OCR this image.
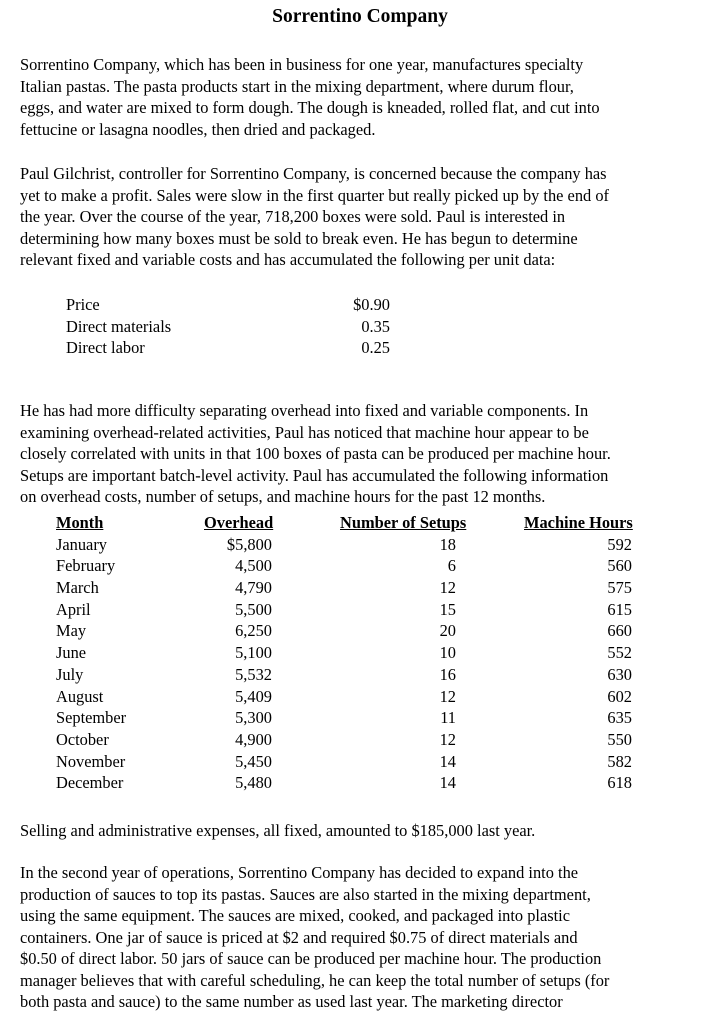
Sorrentino Company
Sorrentino Company, which has been in business for one year, manufactures specialty
Italian pastas. The pasta products start in the mixing department, where durum flour,
eggs, and water are mixed to form dough. The dough is kneaded, rolled flat, and cut into
fettucine or lasagna noodles, then dried and packaged.
Paul Gilchrist, controller for Sorrentino Company, is concerned because the company has
yet to make a profit. Sales were slow in the first quarter but really picked up by the end of
the year. Over the course of the year, 718,200 boxes were sold. Paul is interested in
determining how many boxes must be sold to break even. He has begun to determine
relevant fixed and variable costs and has accumulated the following per unit data:
Price	$0.90
Direct materials	0.35
Direct labor	0.25
He has had more difficulty separating overhead into fixed and variable components. In
examining overhead-related activities, Paul has noticed that machine hour appear to be
closely correlated with units in that 100 boxes of pasta can be produced per machine hour.
Setups are important batch-level activity. Paul has accumulated the following information
on overhead costs, number of setups, and machine hours for the past 12 months.
Month	Overhead	Number of Setups	Machine Hours
January	$5,800	18	592
February	4,500	6	560
March	4,790	12	575
April	5,500	15	615
May	6,250	20	660
June	5,100	10	552
July	5,532	16	630
August	5,409	12	602
September	5,300	11	635
October	4,900	12	550
November	5,450	14	582
December	5,480	14	618
Selling and administrative expenses, all fixed, amounted to $185,000 last year.
In the second year of operations, Sorrentino Company has decided to expand into the
production of sauces to top its pastas. Sauces are also started in the mixing department,
using the same equipment. The sauces are mixed, cooked, and packaged into plastic
containers. One jar of sauce is priced at $2 and required $0.75 of direct materials and
$0.50 of direct labor. 50 jars of sauce can be produced per machine hour. The production
manager believes that with careful scheduling, he can keep the total number of setups (for
both pasta and sauce) to the same number as used last year. The marketing director
